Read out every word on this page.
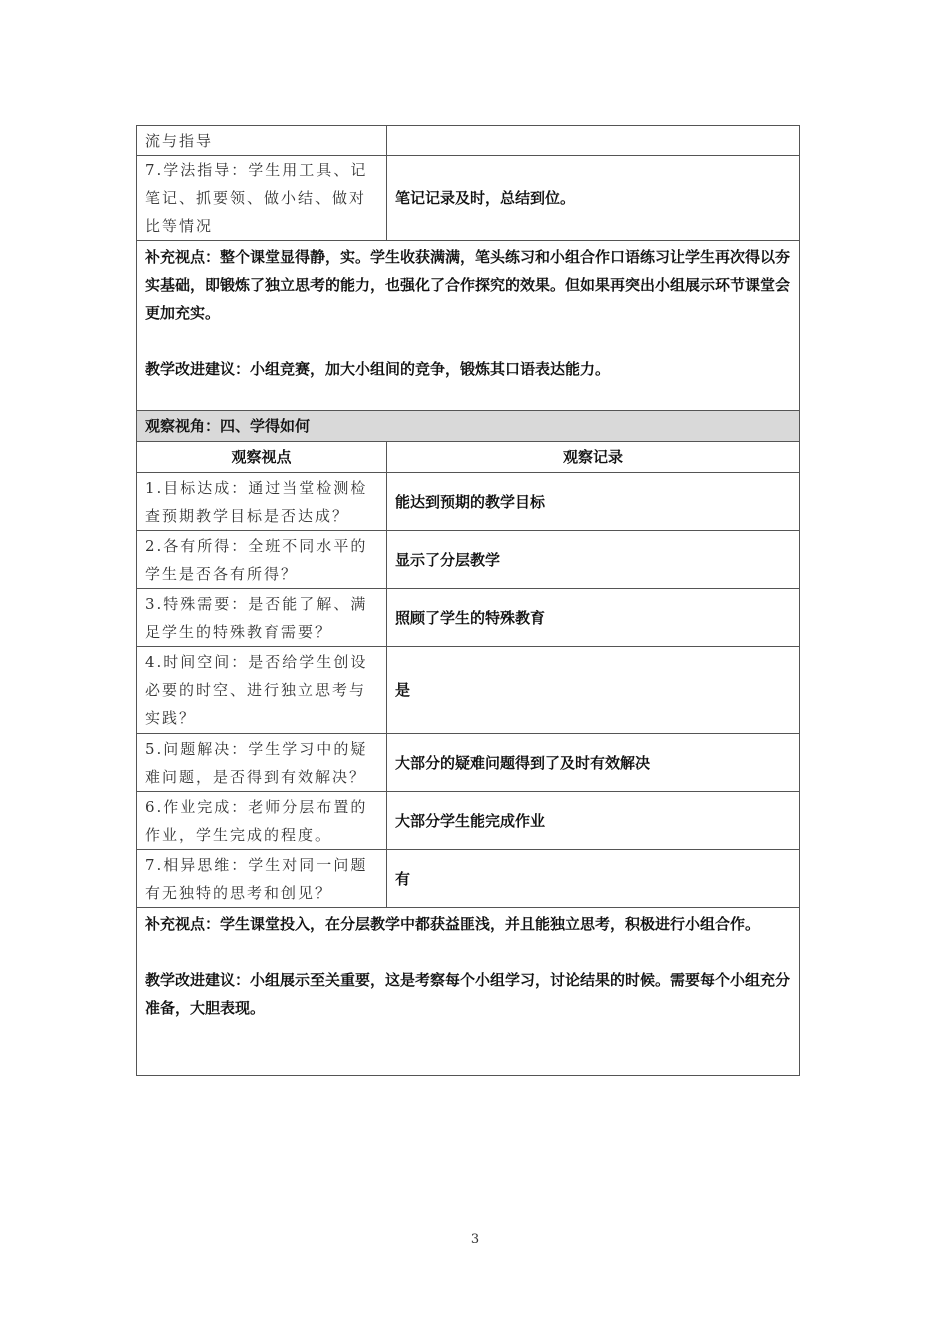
流与指导	
7.学法指导：学生用工具、记笔记、抓要领、做小结、做对比等情况	笔记记录及时，总结到位。

补充视点：整个课堂显得静，实。学生收获满满，笔头练习和小组合作口语练习让学生再次得以夯实基础，即锻炼了独立思考的能力，也强化了合作探究的效果。但如果再突出小组展示环节课堂会更加充实。

教学改进建议：小组竞赛，加大小组间的竞争，锻炼其口语表达能力。	

观察视角：四、学得如何	
观察视点	观察记录
1.目标达成：通过当堂检测检查预期教学目标是否达成？	能达到预期的教学目标
2.各有所得：全班不同水平的学生是否各有所得？	显示了分层教学
3.特殊需要：是否能了解、满足学生的特殊教育需要？	照顾了学生的特殊教育
4.时间空间：是否给学生创设必要的时空、进行独立思考与实践？	是
5.问题解决：学生学习中的疑难问题，是否得到有效解决？	大部分的疑难问题得到了及时有效解决
6.作业完成：老师分层布置的作业，学生完成的程度。	大部分学生能完成作业
7.相异思维：学生对同一问题有无独特的思考和创见？	有

补充视点：学生课堂投入，在分层教学中都获益匪浅，并且能独立思考，积极进行小组合作。

教学改进建议：小组展示至关重要，这是考察每个小组学习，讨论结果的时候。需要每个小组充分准备，大胆表现。	

3
